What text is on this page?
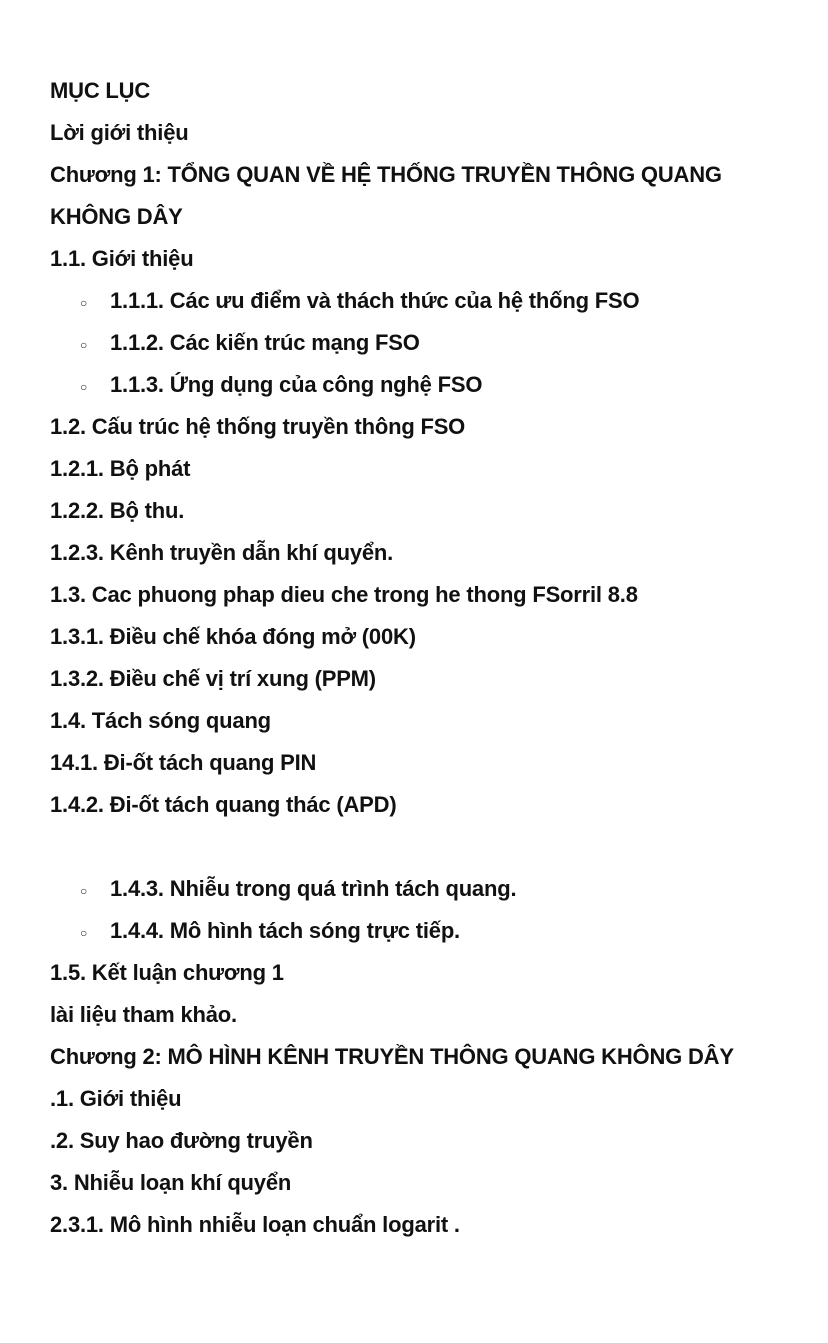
MỤC LỤC
Lời giới thiệu
Chương 1: TỔNG QUAN VỀ HỆ THỐNG TRUYỀN THÔNG QUANG
KHÔNG DÂY
1.1. Giới thiệu
○ 1.1.1. Các ưu điểm và thách thức của hệ thống FSO
○ 1.1.2. Các kiến trúc mạng FSO
○ 1.1.3. Ứng dụng của công nghệ FSO
1.2. Cấu trúc hệ thống truyền thông FSO
1.2.1. Bộ phát
1.2.2. Bộ thu.
1.2.3. Kênh truyền dẫn khí quyển.
1.3. Cac phuong phap dieu che trong he thong FSorril 8.8
1.3.1. Điều chế khóa đóng mở (00K)
1.3.2. Điều chế vị trí xung (PPM)
1.4. Tách sóng quang
14.1. Đi-ốt tách quang PIN
1.4.2. Đi-ốt tách quang thác (APD)
○ 1.4.3. Nhiễu trong quá trình tách quang.
○ 1.4.4. Mô hình tách sóng trực tiếp.
1.5. Kết luận chương 1
lài liệu tham khảo.
Chương 2: MÔ HÌNH KÊNH TRUYỀN THÔNG QUANG KHÔNG DÂY
.1. Giới thiệu
.2. Suy hao đường truyền
3. Nhiễu loạn khí quyển
2.3.1. Mô hình nhiễu loạn chuẩn logarit .
